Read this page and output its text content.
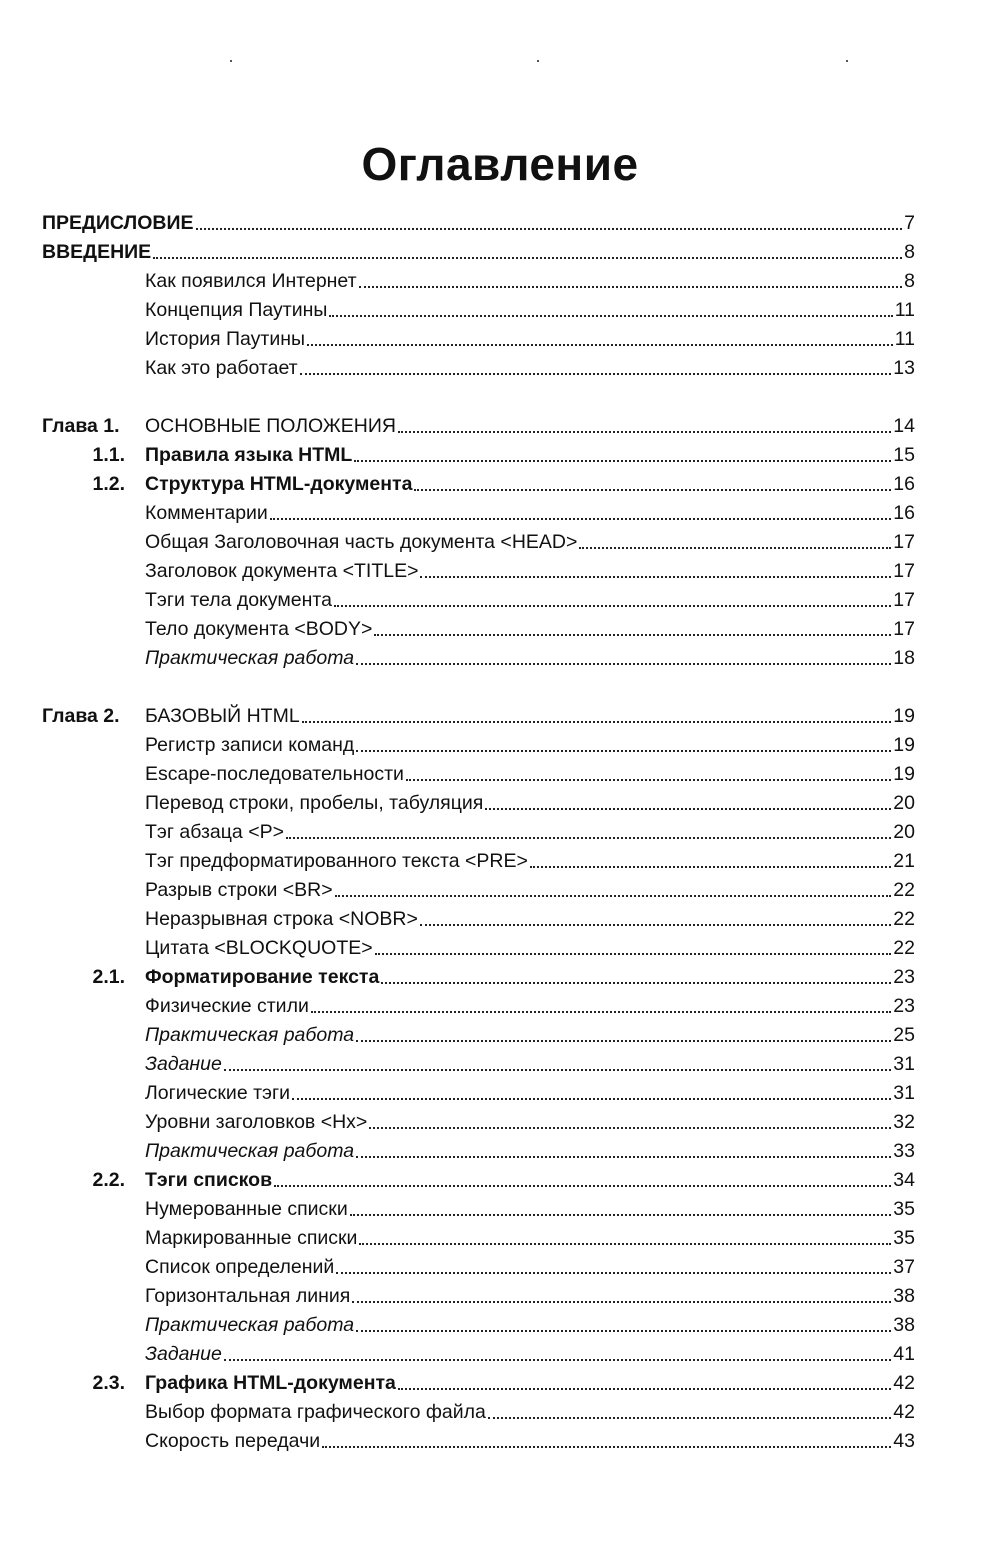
Оглавление
ПРЕДИСЛОВИЕ	7
ВВЕДЕНИЕ	8
Как появился Интернет	8
Концепция Паутины	11
История Паутины	11
Как это работает	13
Глава 1. ОСНОВНЫЕ ПОЛОЖЕНИЯ	14
1.1. Правила языка HTML	15
1.2. Структура HTML-документа	16
Комментарии	16
Общая Заголовочная часть документа <HEAD>	17
Заголовок документа <TITLE>	17
Тэги тела документа	17
Тело документа <BODY>	17
Практическая работа	18
Глава 2. БАЗОВЫЙ HTML	19
Регистр записи команд	19
Escape-последовательности	19
Перевод строки, пробелы, табуляция	20
Тэг абзаца <P>	20
Тэг предформатированного текста <PRE>	21
Разрыв строки <BR>	22
Неразрывная строка <NOBR>	22
Цитата <BLOCKQUOTE>	22
2.1. Форматирование текста	23
Физические стили	23
Практическая работа	25
Задание	31
Логические тэги	31
Уровни заголовков <Hx>	32
Практическая работа	33
2.2. Тэги списков	34
Нумерованные списки	35
Маркированные списки	35
Список определений	37
Горизонтальная линия	38
Практическая работа	38
Задание	41
2.3. Графика HTML-документа	42
Выбор формата графического файла	42
Скорость передачи	43
